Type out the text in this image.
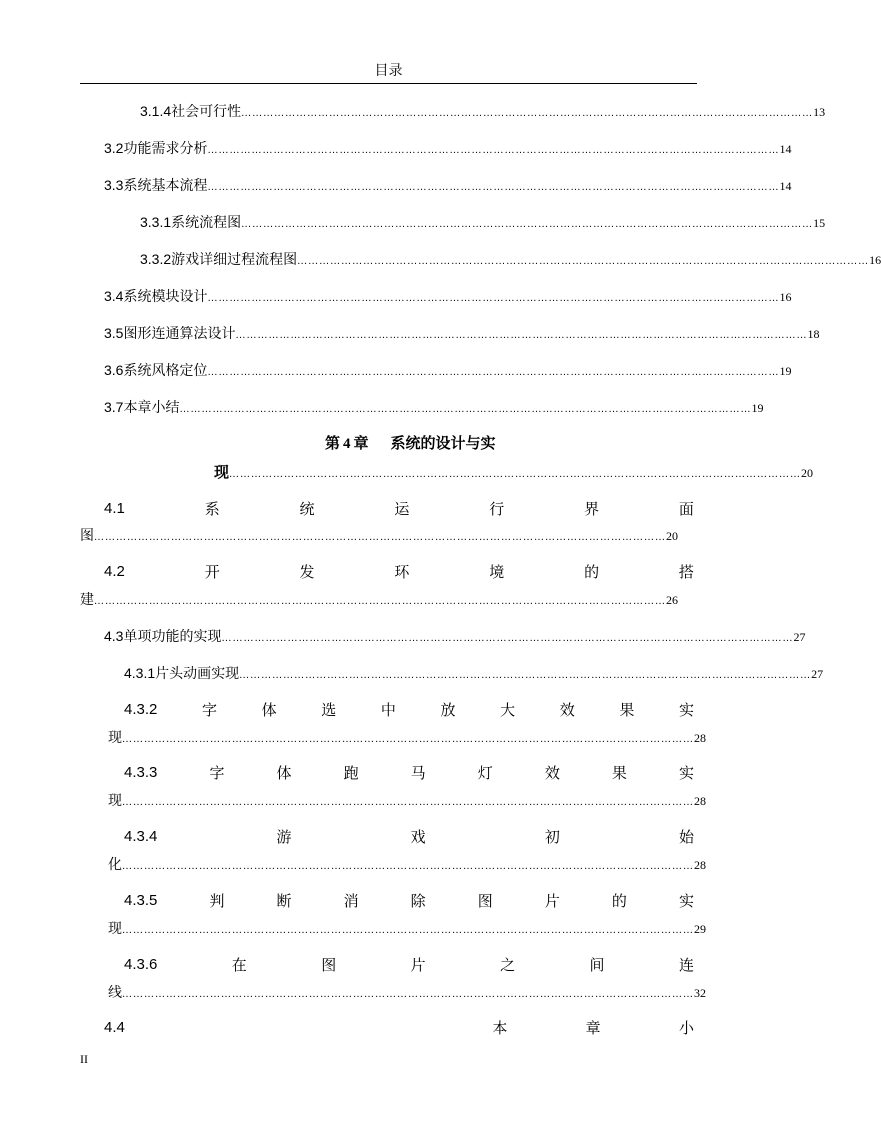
目录
3.1.4 社会可行性 ………………………………………………………………………………………………………………………………………… 13
3.2 功能需求分析 ………………………………………………………………………………………………………………………………………… 14
3.3 系统基本流程 ………………………………………………………………………………………………………………………………………… 14
3.3.1 系统流程图 ………………………………………………………………………………………………………………………………………… 15
3.3.2 游戏详细过程流程图 ………………………………………………………………………………………………………………………………………… 16
3.4 系统模块设计 ………………………………………………………………………………………………………………………………………… 16
3.5 图形连通算法设计 ………………………………………………………………………………………………………………………………………… 18
3.6 系统风格定位 ………………………………………………………………………………………………………………………………………… 19
3.7 本章小结 ………………………………………………………………………………………………………………………………………… 19
第 4 章 系统的设计与实
现 ………………………………………………………………………………………………………………………………………… 20
4.1	系	统	运	行	界	面
图 ………………………………………………………………………………………………………………………………………… 20
4.2	开	发	环	境	的	搭
建 ………………………………………………………………………………………………………………………………………… 26
4.3 单项功能的实现 ………………………………………………………………………………………………………………………………………… 27
4.3.1 片头动画实现 ………………………………………………………………………………………………………………………………………… 27
4.3.2	字	体	选	中	放	大	效	果	实
现 ………………………………………………………………………………………………………………………………………… 28
4.3.3	字	体	跑	马	灯	效	果	实
现 ………………………………………………………………………………………………………………………………………… 28
4.3.4	游	戏	初	始
化 ………………………………………………………………………………………………………………………………………… 28
4.3.5	判	断	消	除	图	片	的	实
现 ………………………………………………………………………………………………………………………………………… 29
4.3.6	在	图	片	之	间	连
线 ………………………………………………………………………………………………………………………………………… 32
4.4	本	章	小
II
